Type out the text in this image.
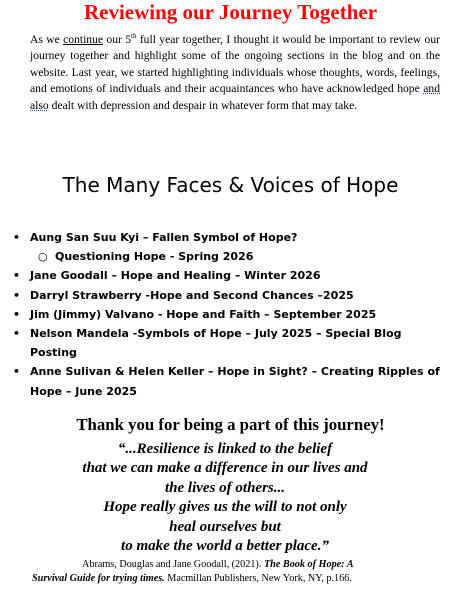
Reviewing our Journey Together

As we continue our 5th full year together, I thought it would be important to review our journey together and highlight some of the ongoing sections in the blog and on the website. Last year, we started highlighting individuals whose thoughts, words, feelings, and emotions of individuals and their acquaintances who have acknowledged hope and also dealt with depression and despair in whatever form that may take.

The Many Faces & Voices of Hope
• Aung San Suu Kyi – Fallen Symbol of Hope?
○ Questioning Hope - Spring 2026
• Jane Goodall – Hope and Healing – Winter 2026
• Darryl Strawberry -Hope and Second Chances –2025
• Jim (Jimmy) Valvano - Hope and Faith – September 2025
• Nelson Mandela -Symbols of Hope – July 2025 – Special Blog Posting
• Anne Sulivan & Helen Keller – Hope in Sight? – Creating Ripples of Hope – June 2025
Thank you for being a part of this journey!

“...Resilience is linked to the belief
that we can make a difference in our lives and
the lives of others...
Hope really gives us the will to not only
heal ourselves but
to make the world a better place.”

Abrams, Douglas and Jane Goodall, (2021). The Book of Hope: A
Survival Guide for trying times. Macmillan Publishers, New York, NY, p.166.
